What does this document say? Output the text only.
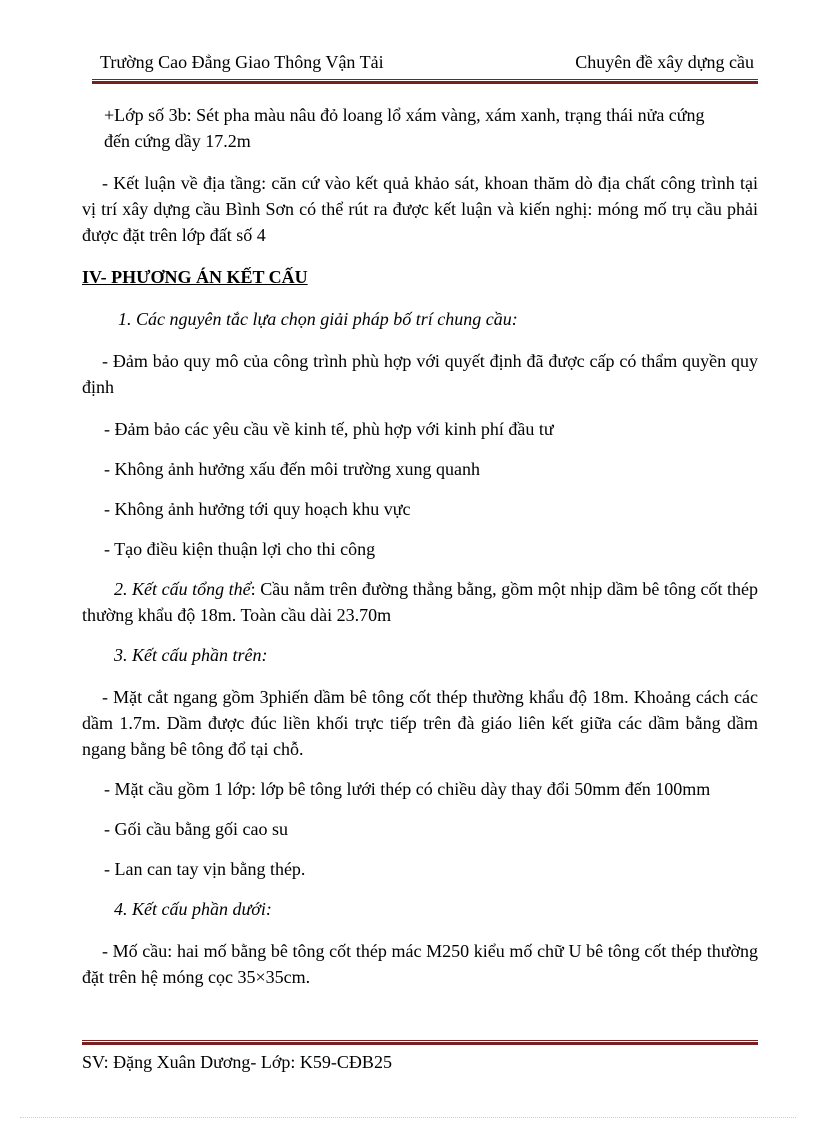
Trường Cao Đẳng Giao Thông Vận Tải	Chuyên đề xây dựng cầu

+Lớp số 3b: Sét pha màu nâu đỏ loang lổ xám vàng, xám xanh, trạng thái nửa cứng

đến cứng dầy 17.2m

- Kết luận về địa tầng: căn cứ vào kết quả khảo sát, khoan thăm dò địa chất công trình tại vị trí xây dựng cầu Bình Sơn có thể rút ra được kết luận và kiến nghị: móng mố trụ cầu phải được đặt trên lớp đất số 4

IV- PHƯƠNG ÁN KẾT CẤU

1. Các nguyên tắc lựa chọn giải pháp bố trí chung cầu:

- Đảm bảo quy mô của công trình phù hợp với quyết định đã được cấp có thẩm quyền quy định

- Đảm bảo các yêu cầu về kinh tế, phù hợp với kinh phí đầu tư

- Không ảnh hưởng xấu đến môi trường xung quanh

- Không ảnh hưởng tới quy hoạch khu vực

- Tạo điều kiện thuận lợi cho thi công

2. Kết cấu tổng thể: Cầu nằm trên đường thẳng bằng, gồm một nhịp dầm bê tông cốt thép thường khẩu độ 18m. Toàn cầu dài 23.70m

3. Kết cấu phần trên:

- Mặt cắt ngang gồm 3phiến dầm bê tông cốt thép thường khẩu độ 18m. Khoảng cách các dầm 1.7m. Dầm được đúc liền khối trực tiếp trên đà giáo liên kết giữa các dầm bằng dầm ngang bằng bê tông đổ tại chỗ.

- Mặt cầu gồm 1 lớp: lớp bê tông lưới thép có chiều dày thay đổi 50mm đến 100mm

- Gối cầu bằng gối cao su

- Lan can tay vịn bằng thép.

4. Kết cấu phần dưới:

- Mố cầu: hai mố bằng bê tông cốt thép mác M250 kiểu mố chữ U bê tông cốt thép thường đặt trên hệ móng cọc 35×35cm.

SV: Đặng Xuân Dương- Lớp: K59-CĐB25
